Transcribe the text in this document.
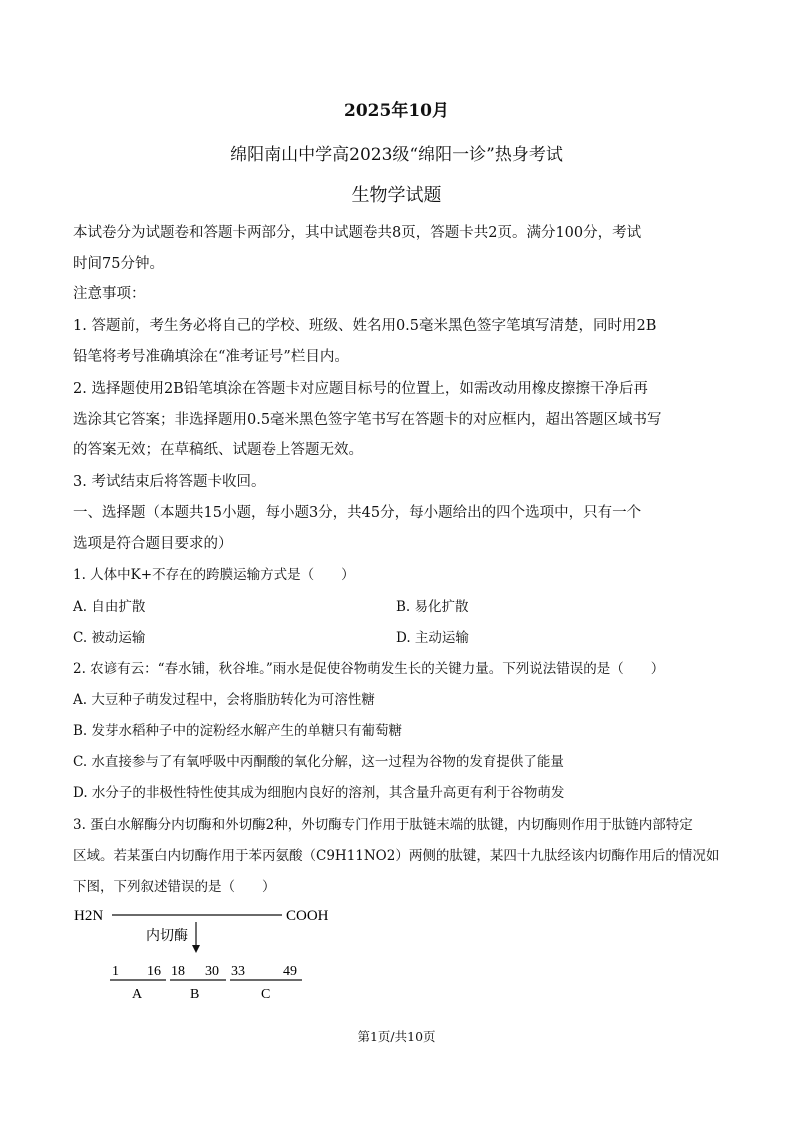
2025年10月
绵阳南山中学高2023级“绵阳一诊”热身考试
生物学试题
本试卷分为试题卷和答题卡两部分，其中试题卷共8页，答题卡共2页。满分100分，考试
时间75分钟。
注意事项：
1. 答题前，考生务必将自己的学校、班级、姓名用0.5毫米黑色签字笔填写清楚，同时用2B
铅笔将考号准确填涂在“准考证号”栏目内。
2. 选择题使用2B铅笔填涂在答题卡对应题目标号的位置上，如需改动用橡皮擦擦干净后再
选涂其它答案；非选择题用0.5毫米黑色签字笔书写在答题卡的对应框内，超出答题区域书写
的答案无效；在草稿纸、试题卷上答题无效。
3. 考试结束后将答题卡收回。
一、选择题（本题共15小题，每小题3分，共45分，每小题给出的四个选项中，只有一个
选项是符合题目要求的）
1. 人体中K+不存在的跨膜运输方式是（　　）
A. 自由扩散	B. 易化扩散
C. 被动运输	D. 主动运输
2. 农谚有云：“春水铺，秋谷堆。”雨水是促使谷物萌发生长的关键力量。下列说法错误的是（　　）
A. 大豆种子萌发过程中，会将脂肪转化为可溶性糖
B. 发芽水稻种子中的淀粉经水解产生的单糖只有葡萄糖
C. 水直接参与了有氧呼吸中丙酮酸的氧化分解，这一过程为谷物的发育提供了能量
D. 水分子的非极性特性使其成为细胞内良好的溶剂，其含量升高更有利于谷物萌发
3. 蛋白水解酶分内切酶和外切酶2种，外切酶专门作用于肽链末端的肽键，内切酶则作用于肽链内部特定
区域。若某蛋白内切酶作用于苯丙氨酸（C9H11NO2）两侧的肽键，某四十九肽经该内切酶作用后的情况如
下图，下列叙述错误的是（　　）
H2N	COOH
内切酶
1 16
A
18 30
B
33	49
C
第1页/共10页
